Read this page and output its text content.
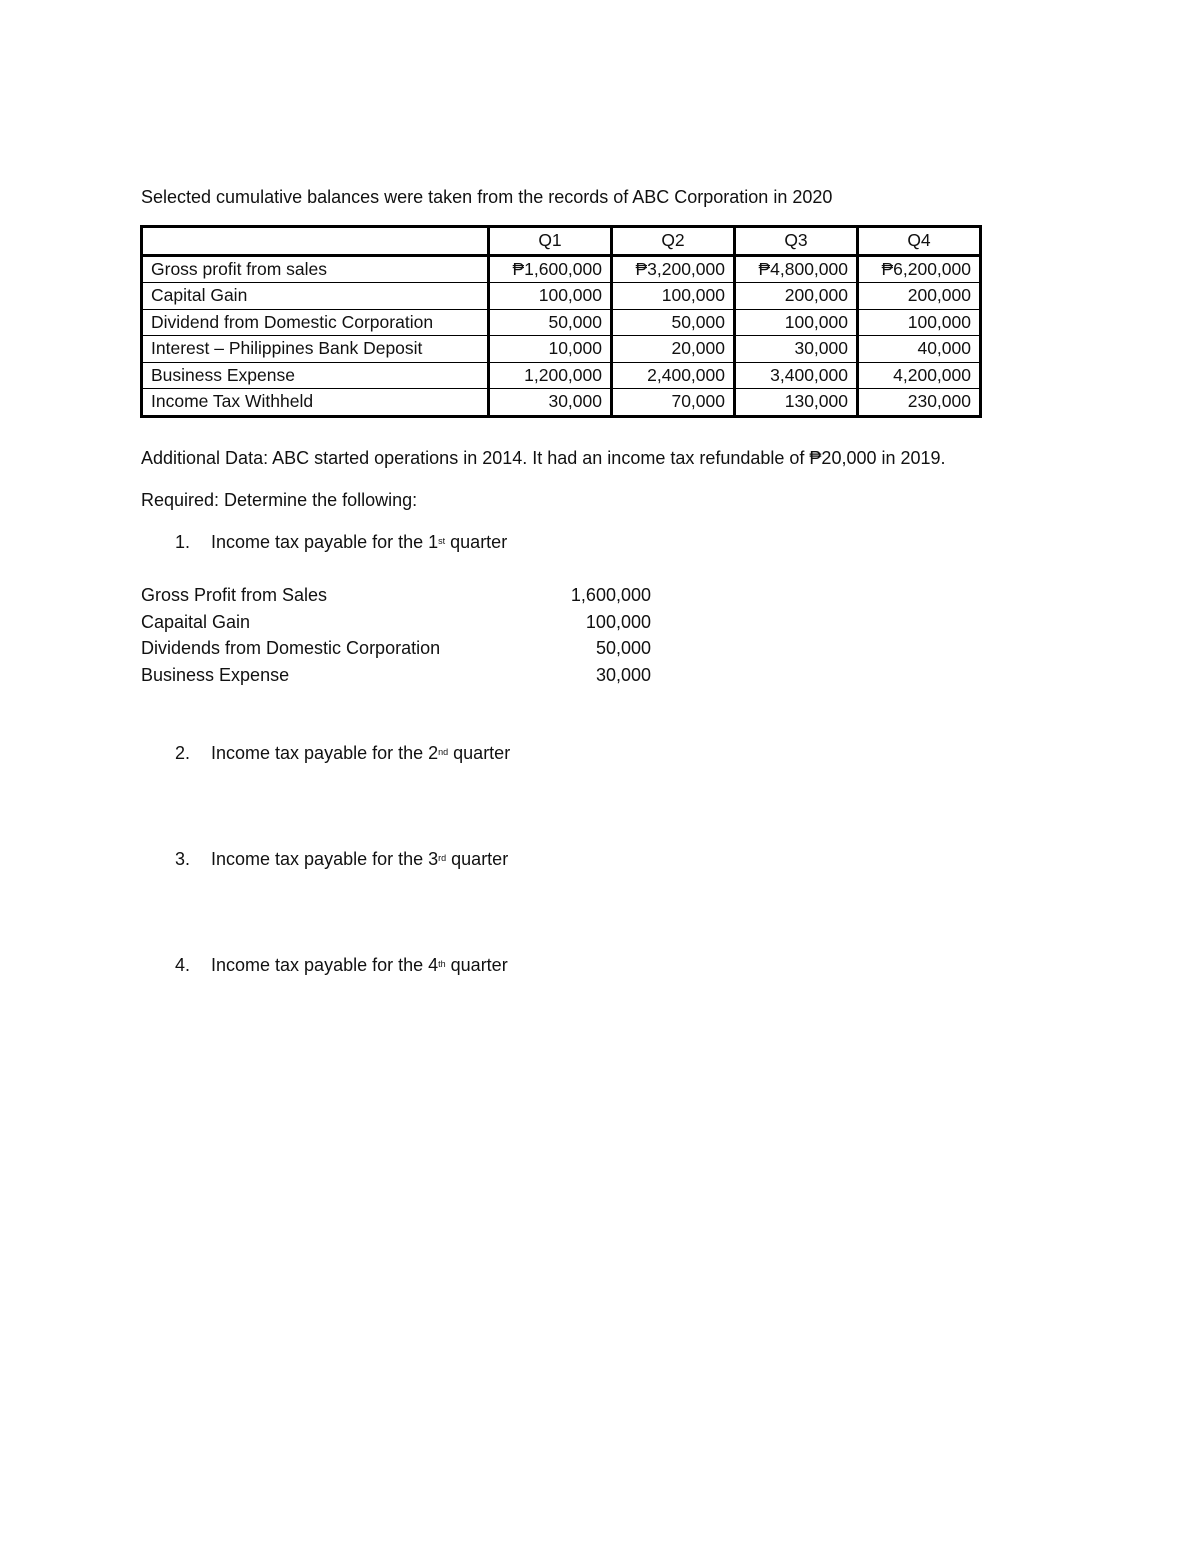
Selected cumulative balances were taken from the records of ABC Corporation in 2020
	Q1	Q2	Q3	Q4
Gross profit from sales	₱1,600,000	₱3,200,000	₱4,800,000	₱6,200,000
Capital Gain	100,000	100,000	200,000	200,000
Dividend from Domestic Corporation	50,000	50,000	100,000	100,000
Interest – Philippines Bank Deposit	10,000	20,000	30,000	40,000
Business Expense	1,200,000	2,400,000	3,400,000	4,200,000
Income Tax Withheld	30,000	70,000	130,000	230,000
Additional Data: ABC started operations in 2014. It had an income tax refundable of ₱20,000 in 2019.
Required: Determine the following:
1. Income tax payable for the 1st quarter
Gross Profit from Sales	1,600,000
Capaital Gain	100,000
Dividends from Domestic Corporation	50,000
Business Expense	30,000
2. Income tax payable for the 2nd quarter
3. Income tax payable for the 3rd quarter
4. Income tax payable for the 4th quarter
